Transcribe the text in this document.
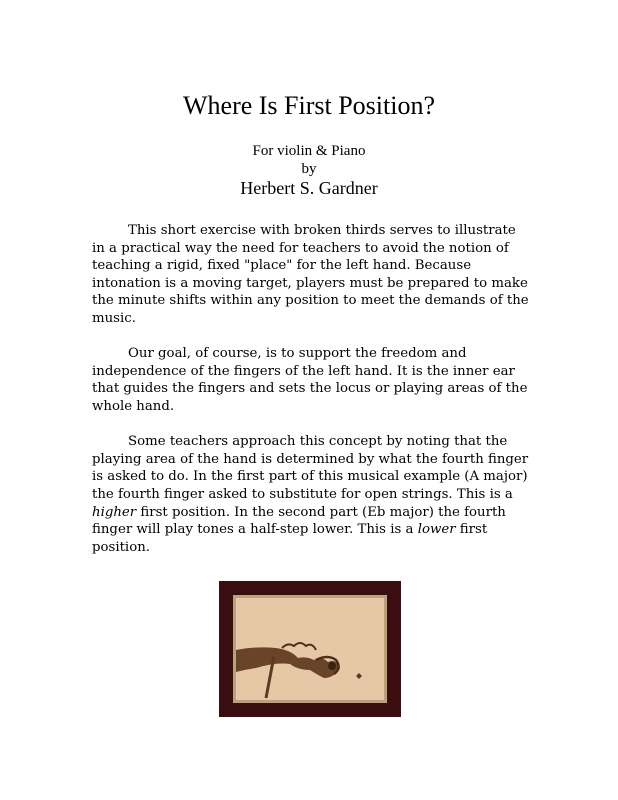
Where Is First Position?
For violin & Piano
by
Herbert S. Gardner

This short exercise with broken thirds serves to illustrate in a practical way the need for teachers to avoid the notion of teaching a rigid, fixed "place" for the left hand. Because intonation is a moving target, players must be prepared to make the minute shifts within any position to meet the demands of the music.

Our goal, of course, is to support the freedom and independence of the fingers of the left hand. It is the inner ear that guides the fingers and sets the locus or playing areas of the whole hand.

Some teachers approach this concept by noting that the playing area of the hand is determined by what the fourth finger is asked to do. In the first part of this musical example (A major) the fourth finger asked to substitute for open strings. This is a higher first position. In the second part (Eb major) the fourth finger will play tones a half-step lower. This is a lower first position.
